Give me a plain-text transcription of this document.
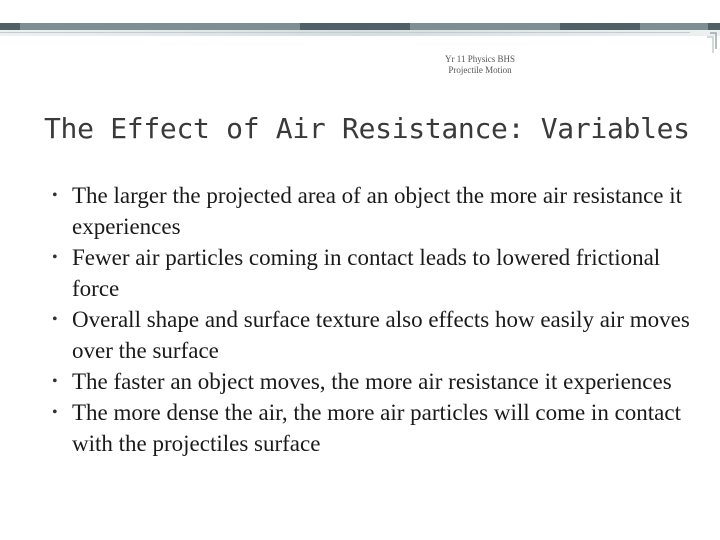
35
Yr 11 Physics BHS
Projectile Motion
The Effect of Air Resistance: Variables
• The larger the projected area of an object the more air resistance it experiences
• Fewer air particles coming in contact leads to lowered frictional force
• Overall shape and surface texture also effects how easily air moves over the surface
• The faster an object moves, the more air resistance it experiences
• The more dense the air, the more air particles will come in contact with the projectiles surface
